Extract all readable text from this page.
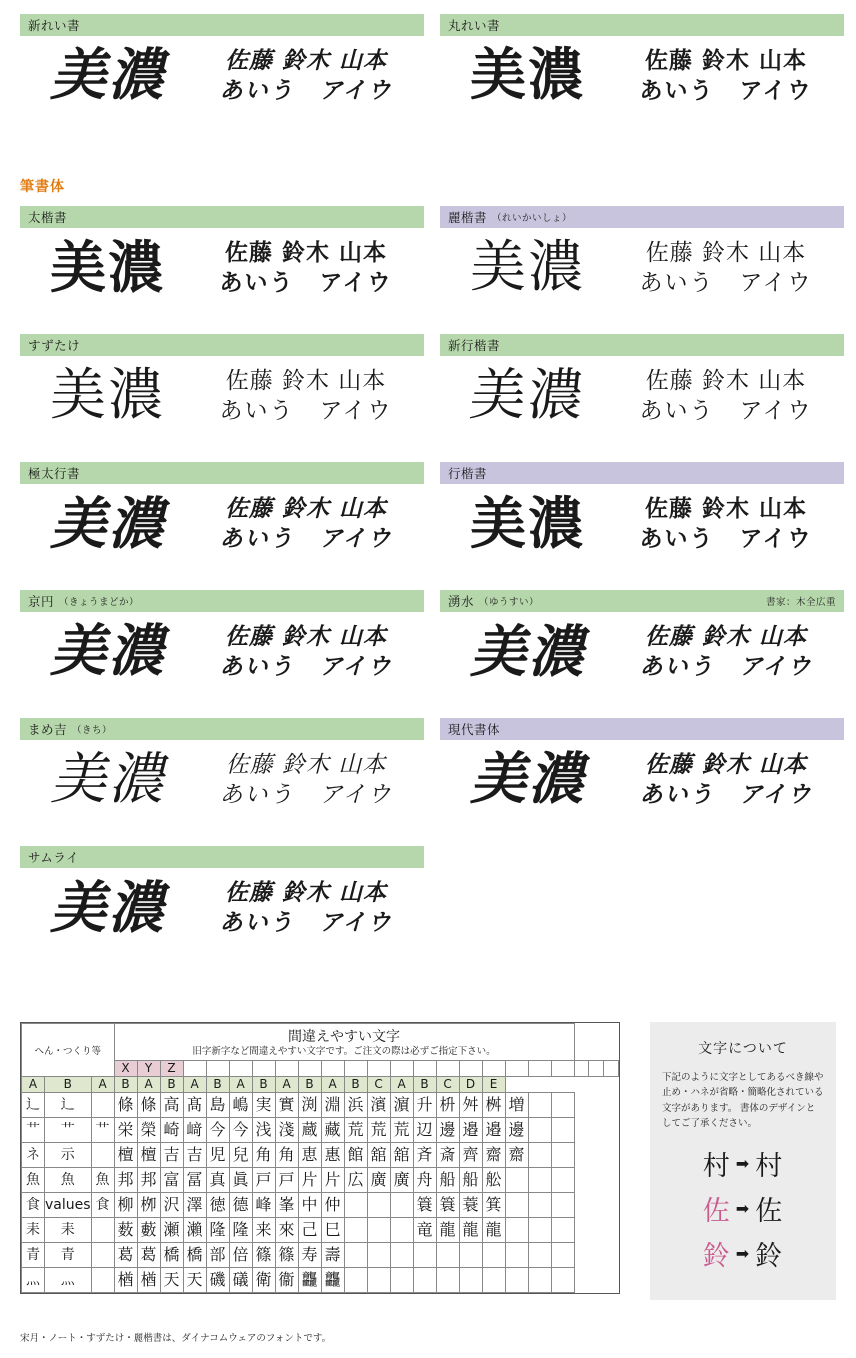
新れい書
美濃	佐藤 鈴木 山本
あいう　アイウ
丸れい書
美濃	佐藤 鈴木 山本
あいう　アイウ
太楷書
美濃	佐藤 鈴木 山本
あいう　アイウ
麗楷書 （れいかいしょ）
美濃	佐藤 鈴木 山本
あいう　アイウ
すずたけ
美濃	佐藤 鈴木 山本
あいう　アイウ
新行楷書
美濃	佐藤 鈴木 山本
あいう　アイウ
極太行書
美濃	佐藤 鈴木 山本
あいう　アイウ
行楷書
美濃	佐藤 鈴木 山本
あいう　アイウ
京円 （きょうまどか）
美濃	佐藤 鈴木 山本
あいう　アイウ
湧水 （ゆうすい）	書家：木全広重
美濃	佐藤 鈴木 山本
あいう　アイウ
まめ吉 （きち）
美濃	佐藤 鈴木 山本
あいう　アイウ
現代書体
美濃	佐藤 鈴木 山本
あいう　アイウ
サムライ
美濃	佐藤 鈴木 山本
あいう　アイウ
筆書体
へん・つくり等			間違えやすい文字
旧字新字など間違えやすい文字です。ご注文の際は必ずご指定下さい。																						

			X	Y	Z																				
A	B	A	B	A	B	A	B	A	B	A	B	A	B	C	A	B	C	D	E						
辶	辶		條	條	高	髙	島	嶋	実	實	渕	淵	浜	濱	濵	升	枡	舛	桝	増					
艹	艹	艹	栄	榮	崎	﨑	今	今	浅	淺	蔵	藏	荒	荒	荒	辺	邊	邉	邉	邊					
ネ	示		檀	檀	吉	吉	児	兒	角	角	恵	惠	館	舘	舘	斉	斎	齊	齋	齋					
魚	魚	魚	邦	邦	富	冨	真	眞	戸	戸	片	片	広	廣	廣	舟	船	船	舩						
食	values	食	柳	栁	沢	澤	徳	德	峰	峯	中	仲				簑	簑	蓑	箕						
耒	耒		薮	藪	瀬	瀨	隆	隆	来	來	己	巳				竜	龍	龍	龍						
青	青		葛	葛	橋	橋	部	倍	篠	篠	寿	壽													
灬	灬		楢	楢	天	天	磯	礒	衛	衞	龘	龘													
文字について

下記のように文字としてあるべき線や止め・ハネが省略・簡略化されている文字があります。 書体のデザインとしてご了承ください。

村 ➡ 村
佐 ➡ 佐
鈴 ➡ 鈴
宋月・ノート・すずたけ・麗楷書は、ダイナコムウェアのフォントです。
